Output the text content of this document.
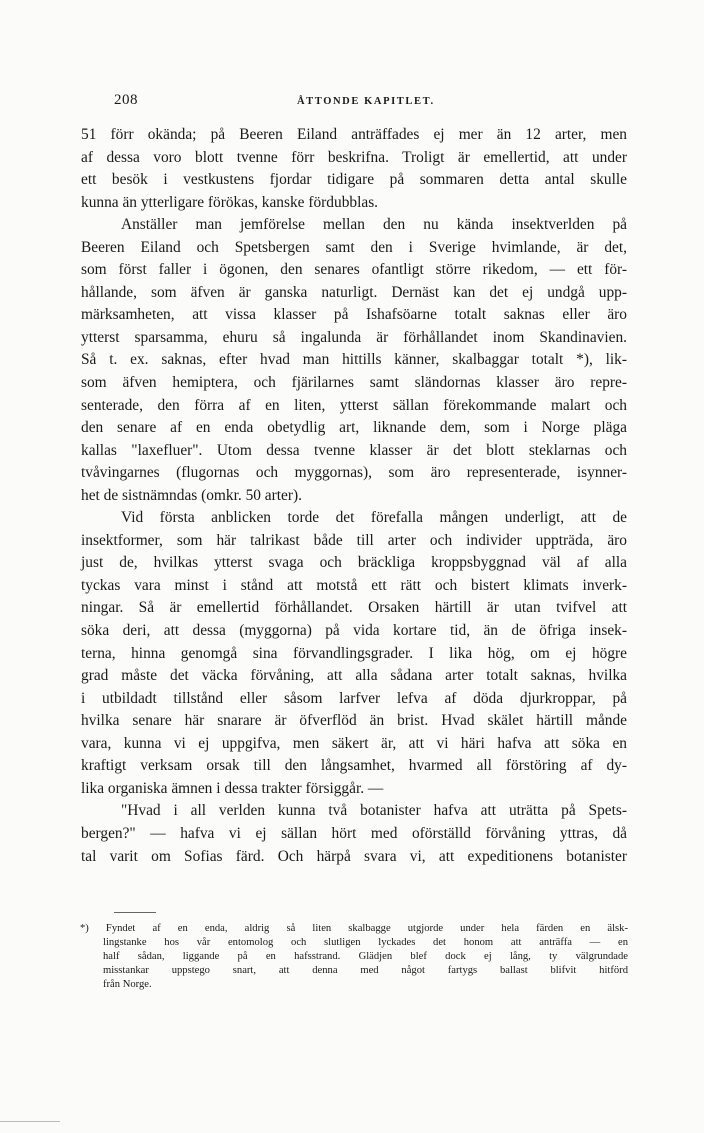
208	ÅTTONDE KAPITLET.
51 förr okända; på Beeren Eiland anträffades ej mer än 12 arter, men
af dessa voro blott tvenne förr beskrifna. Troligt är emellertid, att under
ett besök i vestkustens fjordar tidigare på sommaren detta antal skulle
kunna än ytterligare förökas, kanske fördubblas.
Anställer man jemförelse mellan den nu kända insektverlden på
Beeren Eiland och Spetsbergen samt den i Sverige hvimlande, är det,
som först faller i ögonen, den senares ofantligt större rikedom, — ett för-
hållande, som äfven är ganska naturligt. Dernäst kan det ej undgå upp-
märksamheten, att vissa klasser på Ishafsöarne totalt saknas eller äro
ytterst sparsamma, ehuru så ingalunda är förhållandet inom Skandinavien.
Så t. ex. saknas, efter hvad man hittills känner, skalbaggar totalt *), lik-
som äfven hemiptera, och fjärilarnes samt sländornas klasser äro repre-
senterade, den förra af en liten, ytterst sällan förekommande malart och
den senare af en enda obetydlig art, liknande dem, som i Norge pläga
kallas "laxefluer". Utom dessa tvenne klasser är det blott steklarnas och
tvåvingarnes (flugornas och myggornas), som äro representerade, isynner-
het de sistnämndas (omkr. 50 arter).
Vid första anblicken torde det förefalla mången underligt, att de
insektformer, som här talrikast både till arter och individer uppträda, äro
just de, hvilkas ytterst svaga och bräckliga kroppsbyggnad väl af alla
tyckas vara minst i stånd att motstå ett rätt och bistert klimats inverk-
ningar. Så är emellertid förhållandet. Orsaken härtill är utan tvifvel att
söka deri, att dessa (myggorna) på vida kortare tid, än de öfriga insek-
terna, hinna genomgå sina förvandlingsgrader. I lika hög, om ej högre
grad måste det väcka förvåning, att alla sådana arter totalt saknas, hvilka
i utbildadt tillstånd eller såsom larfver lefva af döda djurkroppar, på
hvilka senare här snarare är öfverflöd än brist. Hvad skälet härtill månde
vara, kunna vi ej uppgifva, men säkert är, att vi häri hafva att söka en
kraftigt verksam orsak till den långsamhet, hvarmed all förstöring af dy-
lika organiska ämnen i dessa trakter försiggår. —
"Hvad i all verlden kunna två botanister hafva att uträtta på Spets-
bergen?" — hafva vi ej sällan hört med oförställd förvåning yttras, då
tal varit om Sofias färd. Och härpå svara vi, att expeditionens botanister
*) Fyndet af en enda, aldrig så liten skalbagge utgjorde under hela färden en älsk-
lingstanke hos vår entomolog och slutligen lyckades det honom att anträffa — en
half sådan, liggande på en hafsstrand. Glädjen blef dock ej lång, ty välgrundade
misstankar uppstego snart, att denna med något fartygs ballast blifvit hitförd
från Norge.
